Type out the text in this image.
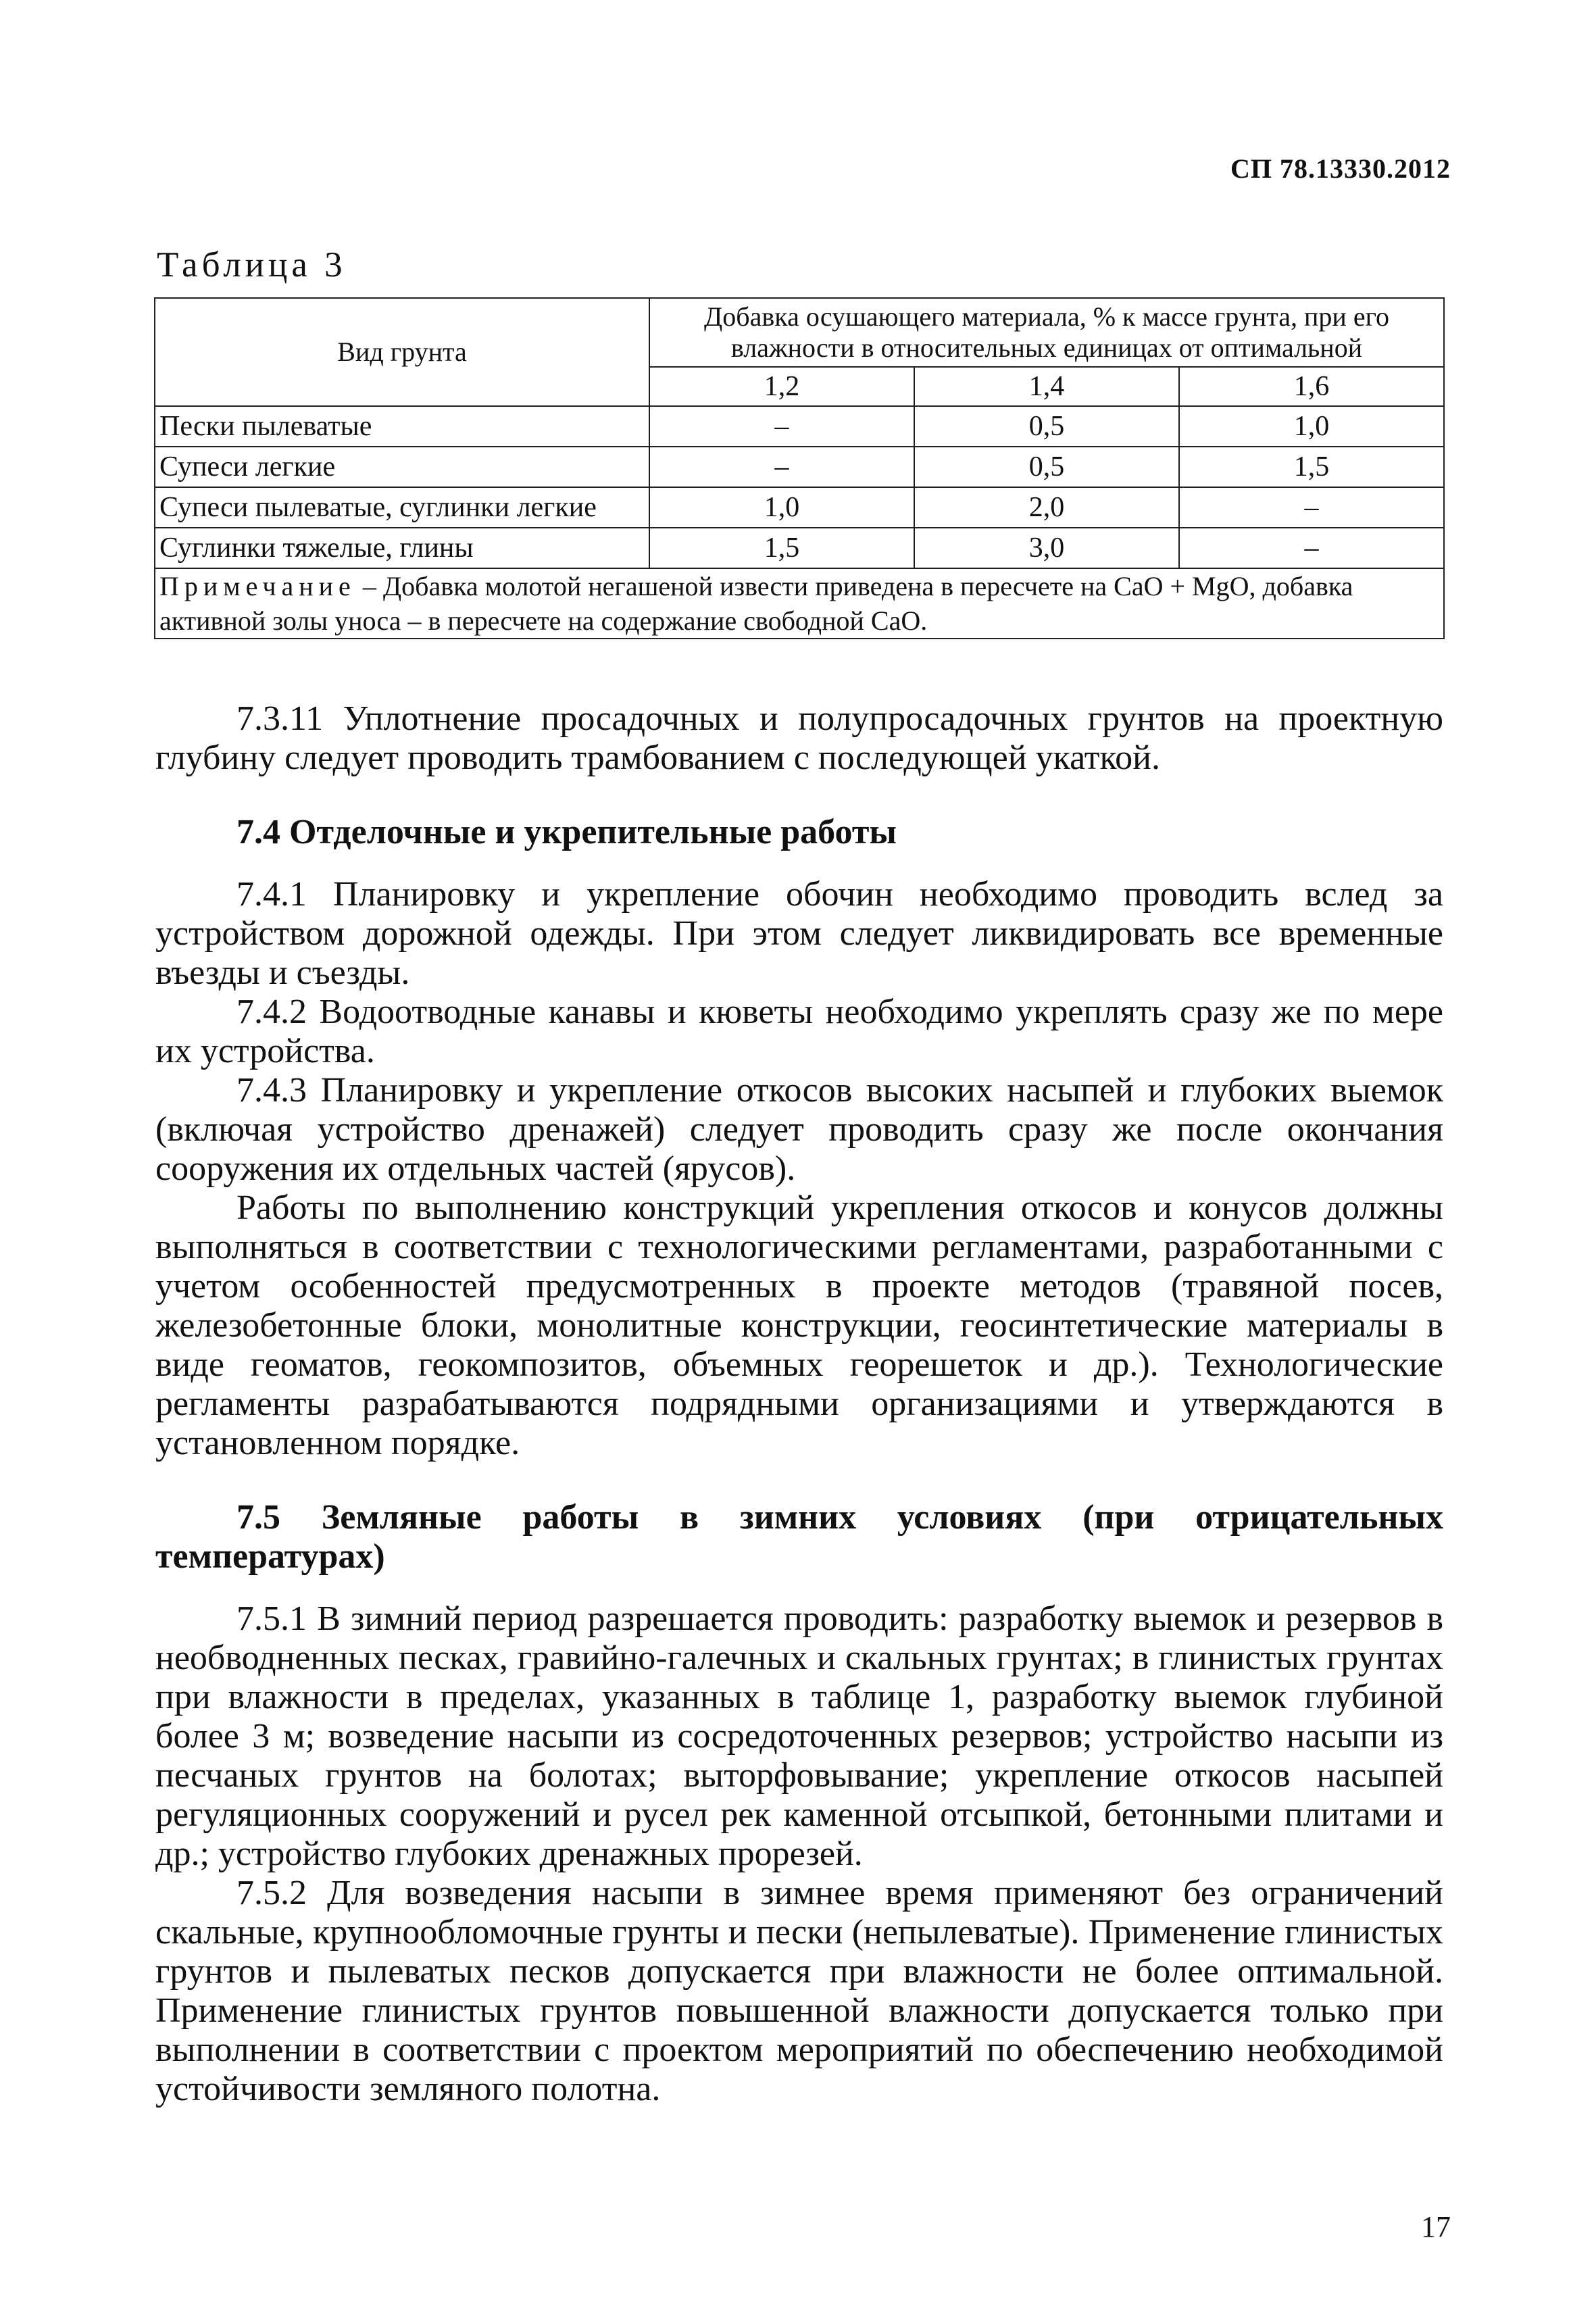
СП 78.13330.2012
Таблица 3
Вид грунта	Добавка осушающего материала, % к массе грунта, при его влажности в относительных единицах от оптимальной		
	1,2	1,4	1,6
Пески пылеватые	–	0,5	1,0
Супеси легкие	–	0,5	1,5
Супеси пылеватые, суглинки легкие	1,0	2,0	–
Суглинки тяжелые, глины	1,5	3,0	–
Примечание – Добавка молотой негашеной извести приведена в пересчете на CaO + MgO, добавка активной золы уноса – в пересчете на содержание свободной CaO.			

7.3.11 Уплотнение просадочных и полупросадочных грунтов на проектную глубину следует проводить трамбованием с последующей укаткой.

7.4 Отделочные и укрепительные работы

7.4.1 Планировку и укрепление обочин необходимо проводить вслед за устройством дорожной одежды. При этом следует ликвидировать все временные въезды и съезды.

7.4.2 Водоотводные канавы и кюветы необходимо укреплять сразу же по мере их устройства.

7.4.3 Планировку и укрепление откосов высоких насыпей и глубоких выемок (включая устройство дренажей) следует проводить сразу же после окончания сооружения их отдельных частей (ярусов).

Работы по выполнению конструкций укрепления откосов и конусов должны выполняться в соответствии с технологическими регламентами, разработанными с учетом особенностей предусмотренных в проекте методов (травяной посев, железобетонные блоки, монолитные конструкции, геосинтетические материалы в виде геоматов, геокомпозитов, объемных георешеток и др.). Технологические регламенты разрабатываются подрядными организациями и утверждаются в установленном порядке.

7.5 Земляные работы в зимних условиях (при отрицательных температурах)

7.5.1 В зимний период разрешается проводить: разработку выемок и резервов в необводненных песках, гравийно-галечных и скальных грунтах; в глинистых грунтах при влажности в пределах, указанных в таблице 1, разработку выемок глубиной более 3 м; возведение насыпи из сосредоточенных резервов; устройство насыпи из песчаных грунтов на болотах; выторфовывание; укрепление откосов насыпей регуляционных сооружений и русел рек каменной отсыпкой, бетонными плитами и др.; устройство глубоких дренажных прорезей.

7.5.2 Для возведения насыпи в зимнее время применяют без ограничений скальные, крупнообломочные грунты и пески (непылеватые). Применение глинистых грунтов и пылеватых песков допускается при влажности не более оптимальной. Применение глинистых грунтов повышенной влажности допускается только при выполнении в соответствии с проектом мероприятий по обеспечению необходимой устойчивости земляного полотна.

17
